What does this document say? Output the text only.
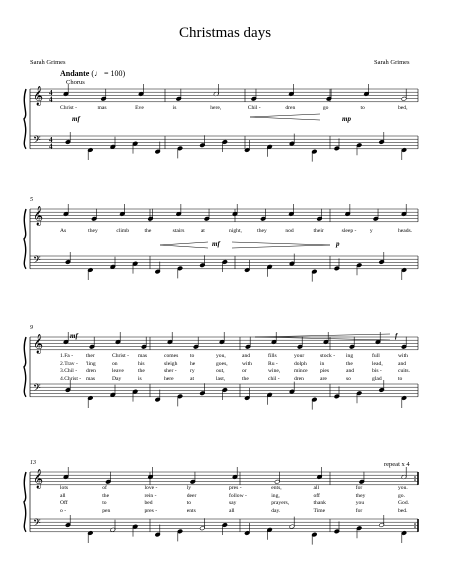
Christmas days
Sarah Grimes	Sarah Grimes
Andante (♩ = 100)
Chorus
repeat x 4
𝄞
𝄢
4
4
4
4
𝄞
𝄢
𝄞
𝄢
𝄞
𝄢
Christ -	mas	Eve	is	here,	Chil -	dren	go	to	bed,
mf	mp
As	they	climb	the	stairs	at	night,	they	nod	their	sleep - y	heads.
5
mf	p
1.Fa - ther	Christ - mas	comes to	you,	and	fills	your	stock - ing	full	with
2.Trav - 'ling	on	his	sleigh he	goes,	with	Ru -	dolph in	the	lead,	and
3.Chil - dren	leave	the	sher - ry	out,	or	wine, mince pies	and	bis -	cuits.
4.Christ - mas	Day	is	here	at	last,	the	chil -	dren	are	so	glad	to
9
mf	f
lots	of	love -	ly	pres -	ents,	all	for	you.
all	the	rein -	deer	follow -	ing,	off	they	go.
Off	to	bed	to	say	prayers,	thank	you	God.
o -	pen	pres -	ents	all	day.	Time	for	bed.
13
